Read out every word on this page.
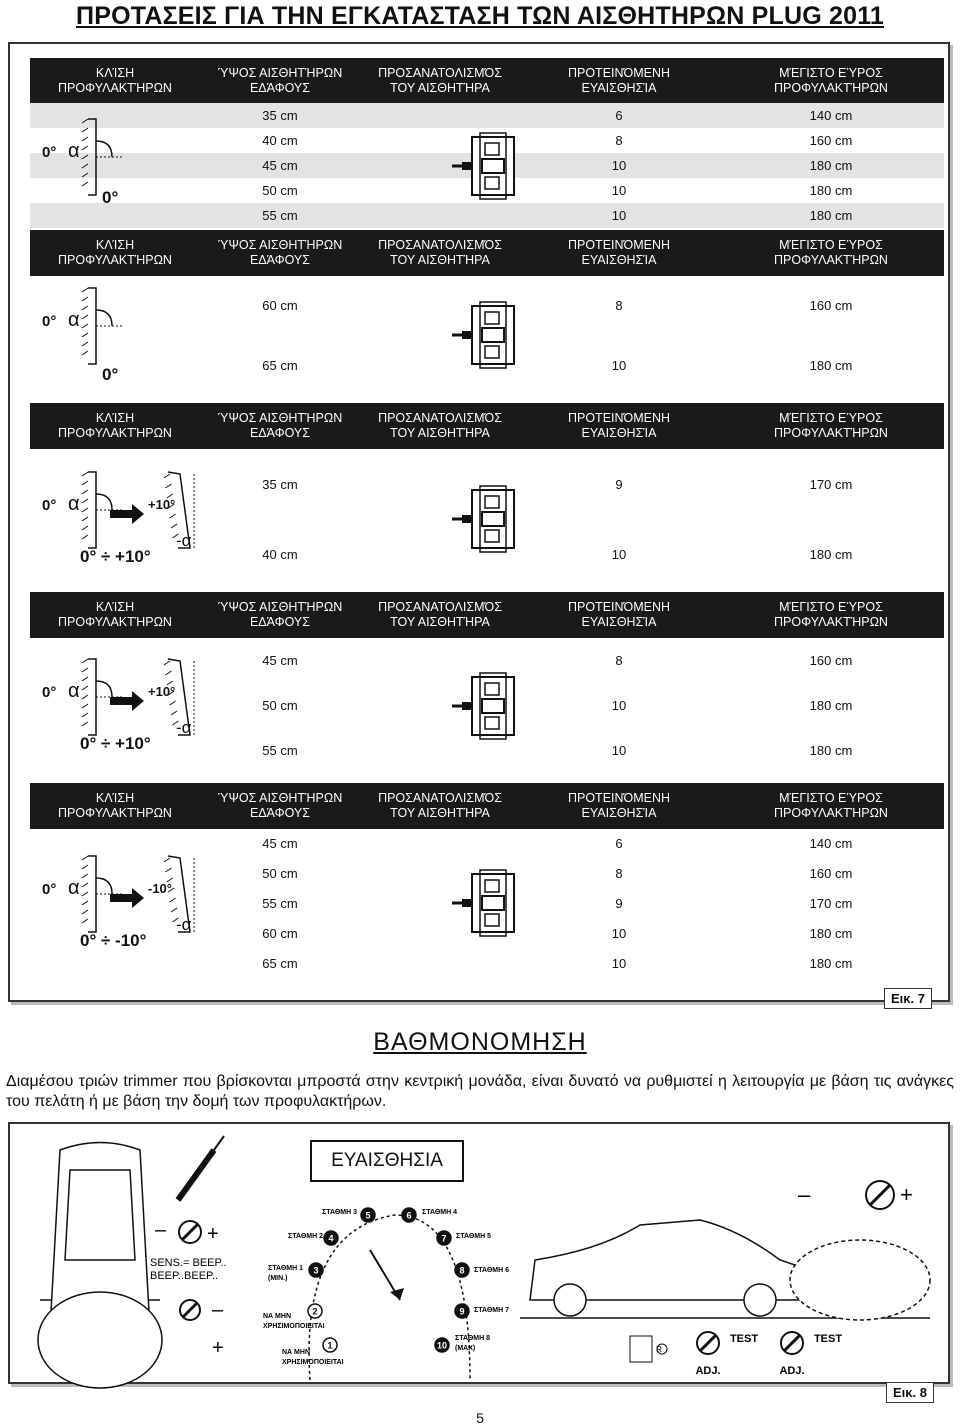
ΠΡΟΤΑΣΕΙΣ ΓΙΑ ΤΗΝ ΕΓΚΑΤΑΣΤΑΣΗ ΤΩΝ ΑΙΣΘΗΤΗΡΩΝ PLUG 2011
ΚΛΊΣΗ
ΠΡΟΦΥΛΑΚΤΉΡΩΝ
ΎΨΟΣ ΑΙΣΘΗΤΉΡΩΝ
ΕΔΆΦΟΥΣ
ΠΡΟΣΑΝΑΤΟΛΙΣΜΌΣ
ΤΟΥ ΑΙΣΘΗΤΉΡΑ
ΠΡΟΤΕΙΝΌΜΕΝΗ
ΕΥΑΙΣΘΗΣΊΑ
ΜΈΓΙΣΤΟ ΕΎΡΟΣ
ΠΡΟΦΥΛΑΚΤΉΡΩΝ
35 cm	6	140 cm
40 cm	8	160 cm
45 cm	10	180 cm
50 cm	10	180 cm
55 cm	10	180 cm
0° α
0°
ΚΛΊΣΗ
ΠΡΟΦΥΛΑΚΤΉΡΩΝ
ΎΨΟΣ ΑΙΣΘΗΤΉΡΩΝ
ΕΔΆΦΟΥΣ
ΠΡΟΣΑΝΑΤΟΛΙΣΜΌΣ
ΤΟΥ ΑΙΣΘΗΤΉΡΑ
ΠΡΟΤΕΙΝΌΜΕΝΗ
ΕΥΑΙΣΘΗΣΊΑ
ΜΈΓΙΣΤΟ ΕΎΡΟΣ
ΠΡΟΦΥΛΑΚΤΉΡΩΝ
60 cm	8	160 cm
65 cm	10	180 cm
0° α
0°
ΚΛΊΣΗ
ΠΡΟΦΥΛΑΚΤΉΡΩΝ
ΎΨΟΣ ΑΙΣΘΗΤΉΡΩΝ
ΕΔΆΦΟΥΣ
ΠΡΟΣΑΝΑΤΟΛΙΣΜΌΣ
ΤΟΥ ΑΙΣΘΗΤΉΡΑ
ΠΡΟΤΕΙΝΌΜΕΝΗ
ΕΥΑΙΣΘΗΣΊΑ
ΜΈΓΙΣΤΟ ΕΎΡΟΣ
ΠΡΟΦΥΛΑΚΤΉΡΩΝ
35 cm	9	170 cm
40 cm	10	180 cm
0° α	+10°
-α
0° ÷ +10°
ΚΛΊΣΗ
ΠΡΟΦΥΛΑΚΤΉΡΩΝ
ΎΨΟΣ ΑΙΣΘΗΤΉΡΩΝ
ΕΔΆΦΟΥΣ
ΠΡΟΣΑΝΑΤΟΛΙΣΜΌΣ
ΤΟΥ ΑΙΣΘΗΤΉΡΑ
ΠΡΟΤΕΙΝΌΜΕΝΗ
ΕΥΑΙΣΘΗΣΊΑ
ΜΈΓΙΣΤΟ ΕΎΡΟΣ
ΠΡΟΦΥΛΑΚΤΉΡΩΝ
45 cm	8	160 cm
50 cm	10	180 cm
55 cm	10	180 cm
0° α	+10°
-α
0° ÷ +10°
ΚΛΊΣΗ
ΠΡΟΦΥΛΑΚΤΉΡΩΝ
ΎΨΟΣ ΑΙΣΘΗΤΉΡΩΝ
ΕΔΆΦΟΥΣ
ΠΡΟΣΑΝΑΤΟΛΙΣΜΌΣ
ΤΟΥ ΑΙΣΘΗΤΉΡΑ
ΠΡΟΤΕΙΝΌΜΕΝΗ
ΕΥΑΙΣΘΗΣΊΑ
ΜΈΓΙΣΤΟ ΕΎΡΟΣ
ΠΡΟΦΥΛΑΚΤΉΡΩΝ
45 cm	6	140 cm
50 cm	8	160 cm
55 cm	9	170 cm
60 cm	10	180 cm
65 cm	10	180 cm
0° α	-10°
-α
0° ÷ -10°
Εικ. 7
ΒΑΘΜΟΝΟΜΗΣΗ
Διαμέσου τριών trimmer που βρίσκονται μπροστά στην κεντρική μονάδα, είναι δυνατό να ρυθμιστεί η λειτουργία με βάση τις ανάγκες του πελάτη ή με βάση την δομή των προφυλακτήρων.
ΕΥΑΙΣΘΗΣΙΑ
– +
–
+
SENS.= BEEP..
BEEP..BEEP..
1
ΝΑ ΜΗΝ
ΧΡΗΣΙΜΟΠΟΙΕΙΤΑΙ
2
ΝΑ ΜΗΝ
ΧΡΗΣΙΜΟΠΟΙΕΙΤΑΙ
3
ΣΤΑΘΜΗ 1
(MIN.)
4
ΣΤΑΘΜΗ 2
5
ΣΤΑΘΜΗ 3	6 ΣΤΑΘΜΗ 4
7 ΣΤΑΘΜΗ 5
8 ΣΤΑΘΜΗ 6
9 ΣΤΑΘΜΗ 7
10
ΣΤΑΘΜΗ 8
(MAX)
–	+
R
TEST	TEST
ADJ.	ADJ.
Εικ. 8
5
